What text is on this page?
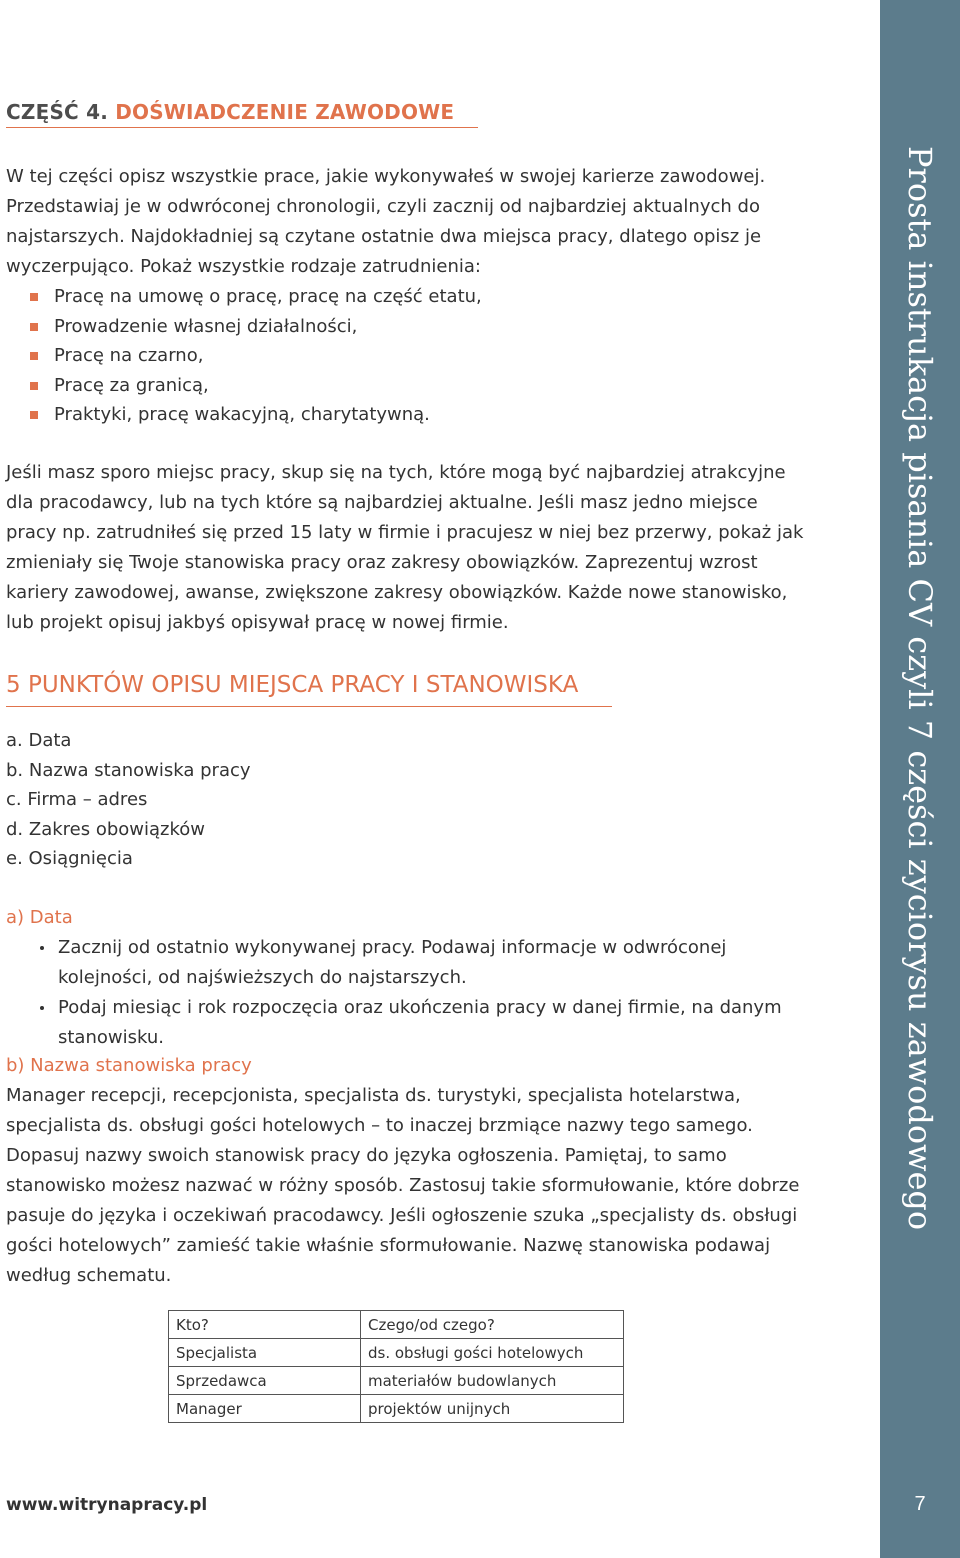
CZĘŚĆ 4. DOŚWIADCZENIE ZAWODOWE

W tej części opisz wszystkie prace, jakie wykonywałeś w swojej karierze zawodowej. Przedstawiaj je w odwróconej chronologii, czyli zacznij od najbardziej aktualnych do najstarszych. Najdokładniej są czytane ostatnie dwa miejsca pracy, dlatego opisz je wyczerpująco. Pokaż wszystkie rodzaje zatrudnienia:

Pracę na umowę o pracę, pracę na część etatu,
Prowadzenie własnej działalności,
Pracę na czarno,
Pracę za granicą,
Praktyki, pracę wakacyjną, charytatywną.

Jeśli masz sporo miejsc pracy, skup się na tych, które mogą być najbardziej atrakcyjne dla pracodawcy, lub na tych które są najbardziej aktualne. Jeśli masz jedno miejsce pracy np. zatrudniłeś się przed 15 laty w firmie i pracujesz w niej bez przerwy, pokaż jak zmieniały się Twoje stanowiska pracy oraz zakresy obowiązków. Zaprezentuj wzrost kariery zawodowej, awanse, zwiększone zakresy obowiązków. Każde nowe stanowisko, lub projekt opisuj jakbyś opisywał pracę w nowej firmie.

5 PUNKTÓW OPISU MIEJSCA PRACY I STANOWISKA
a. Data
b. Nazwa stanowiska pracy
c. Firma – adres
d. Zakres obowiązków
e. Osiągnięcia
a) Data
Zacznij od ostatnio wykonywanej pracy. Podawaj informacje w odwróconej kolejności, od najświeższych do najstarszych.
Podaj miesiąc i rok rozpoczęcia oraz ukończenia pracy w danej firmie, na danym stanowisku.
b) Nazwa stanowiska pracy

Manager recepcji, recepcjonista, specjalista ds. turystyki, specjalista hotelarstwa, specjalista ds. obsługi gości hotelowych – to inaczej brzmiące nazwy tego samego. Dopasuj nazwy swoich stanowisk pracy do języka ogłoszenia. Pamiętaj, to samo stanowisko możesz nazwać w różny sposób. Zastosuj takie sformułowanie, które dobrze pasuje do języka i oczekiwań pracodawcy. Jeśli ogłoszenie szuka „specjalisty ds. obsługi gości hotelowych” zamieść takie właśnie sformułowanie. Nazwę stanowiska podawaj według schematu.

Kto?	Czego/od czego?
Specjalista	ds. obsługi gości hotelowych
Sprzedawca	materiałów budowlanych
Manager	projektów unijnych
www.witrynapracy.pl
Prosta instrukacja pisania CV czyli 7 części zyciorysu zawodowego
7
